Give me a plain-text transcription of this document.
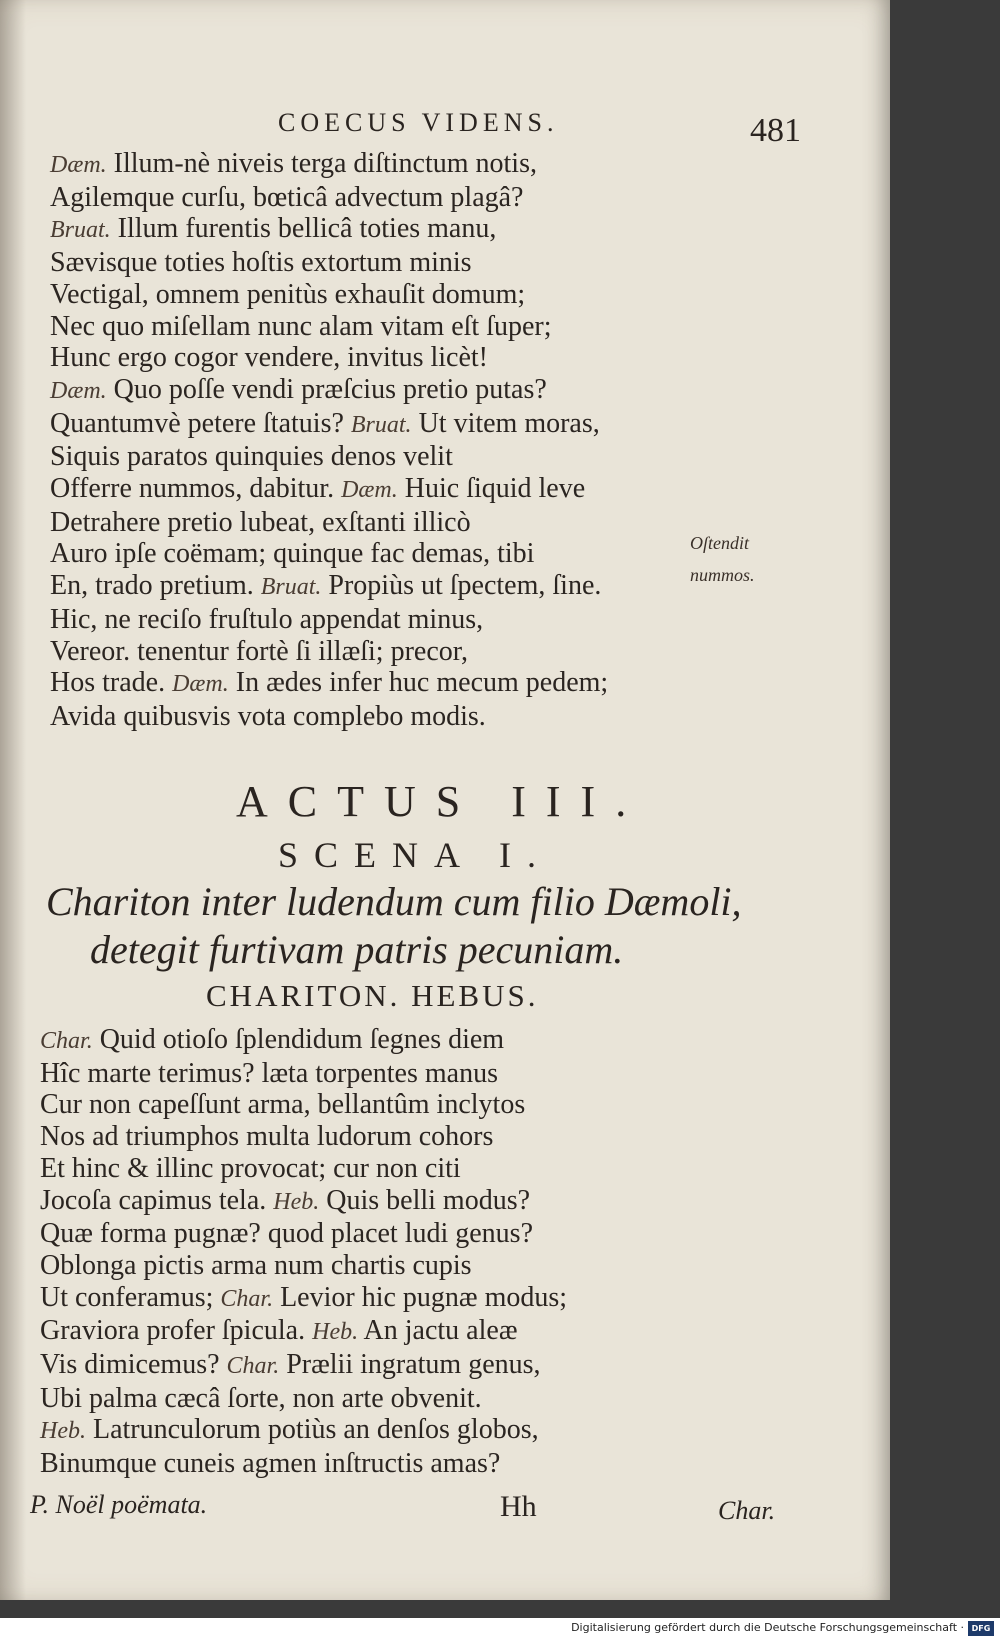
COECUS VIDENS.	481
Dæm. Illum-nè niveis terga diſtinctum notis,
Agilemque curſu, bœticâ advectum plagâ?
Bruat. Illum furentis bellicâ toties manu,
Sævisque toties hoſtis extortum minis
Vectigal, omnem penitùs exhauſit domum;
Nec quo miſellam nunc alam vitam eſt ſuper;
Hunc ergo cogor vendere, invitus licèt!
Dæm. Quo poſſe vendi præſcius pretio putas?
Quantumvè petere ſtatuis? Bruat. Ut vitem moras,
Siquis paratos quinquies denos velit
Offerre nummos, dabitur. Dæm. Huic ſiquid leve
Detrahere pretio lubeat, exſtanti illicò
Auro ipſe coëmam; quinque fac demas, tibi
En, trado pretium. Bruat. Propiùs ut ſpectem, ſine.
Hic, ne reciſo fruſtulo appendat minus,
Vereor. tenentur fortè ſi illæſi; precor,
Hos trade. Dæm. In ædes infer huc mecum pedem;
Avida quibusvis vota complebo modis.
Oſtendit
nummos.
ACTUS III.
SCENA I.
Chariton inter ludendum cum filio Dæmoli,
detegit furtivam patris pecuniam.
CHARITON. HEBUS.
Char. Quid otioſo ſplendidum ſegnes diem
Hîc marte terimus? læta torpentes manus
Cur non capeſſunt arma, bellantûm inclytos
Nos ad triumphos multa ludorum cohors
Et hinc & illinc provocat; cur non citi
Jocoſa capimus tela. Heb. Quis belli modus?
Quæ forma pugnæ? quod placet ludi genus?
Oblonga pictis arma num chartis cupis
Ut conferamus; Char. Levior hic pugnæ modus;
Graviora profer ſpicula. Heb. An jactu aleæ
Vis dimicemus? Char. Prælii ingratum genus,
Ubi palma cæcâ ſorte, non arte obvenit.
Heb. Latrunculorum potiùs an denſos globos,
Binumque cuneis agmen inſtructis amas?
P. Noël poëmata.	Hh	Char.
Digitalisierung gefördert durch die Deutsche Forschungsgemeinschaft · DFG
